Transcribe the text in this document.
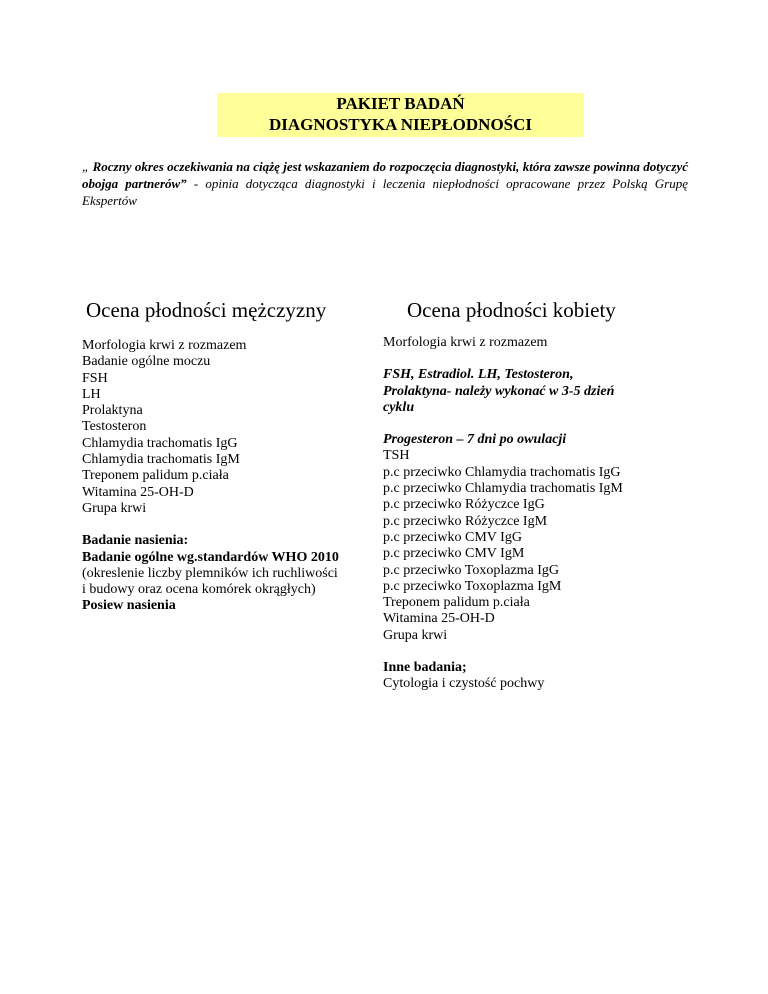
PAKIET BADAŃ
DIAGNOSTYKA NIEPŁODNOŚCI
„ Roczny okres oczekiwania na ciążę jest wskazaniem do rozpoczęcia diagnostyki, która zawsze powinna dotyczyć obojga partnerów” - opinia dotycząca diagnostyki i leczenia niepłodności opracowane przez Polską Grupę Ekspertów
Ocena płodności mężczyzny	Ocena płodności kobiety
Morfologia krwi z rozmazem
Badanie ogólne moczu
FSH
LH
Prolaktyna
Testosteron
Chlamydia trachomatis IgG
Chlamydia trachomatis IgM
Treponem palidum p.ciała
Witamina 25-OH-D
Grupa krwi
Badanie nasienia:
Badanie ogólne wg.standardów WHO 2010
(okreslenie liczby plemników ich ruchliwości
i budowy oraz ocena komórek okrągłych)
Posiew nasienia
Morfologia krwi z rozmazem
FSH, Estradiol. LH, Testosteron,
Prolaktyna- należy wykonać w 3-5 dzień
cyklu
Progesteron – 7 dni po owulacji
TSH
p.c przeciwko Chlamydia trachomatis IgG
p.c przeciwko Chlamydia trachomatis IgM
p.c przeciwko Różyczce IgG
p.c przeciwko Różyczce IgM
p.c przeciwko CMV IgG
p.c przeciwko CMV IgM
p.c przeciwko Toxoplazma IgG
p.c przeciwko Toxoplazma IgM
Treponem palidum p.ciała
Witamina 25-OH-D
Grupa krwi
Inne badania;
Cytologia i czystość pochwy
